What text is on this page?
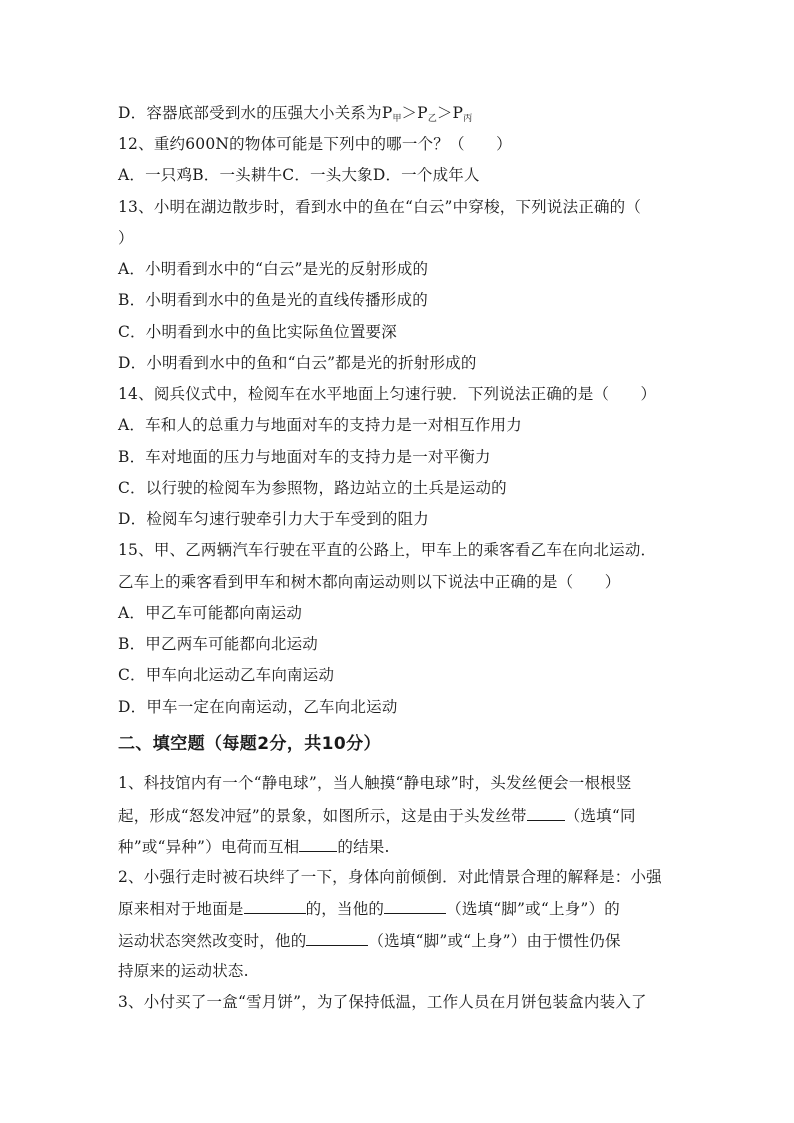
D．容器底部受到水的压强大小关系为P甲＞P乙＞P丙
12、重约600N的物体可能是下列中的哪一个？（　　）
A．一只鸡B．一头耕牛C．一头大象D．一个成年人
13、小明在湖边散步时，看到水中的鱼在“白云”中穿梭，下列说法正确的（
）
A．小明看到水中的“白云”是光的反射形成的
B．小明看到水中的鱼是光的直线传播形成的
C．小明看到水中的鱼比实际鱼位置要深
D．小明看到水中的鱼和“白云”都是光的折射形成的
14、阅兵仪式中，检阅车在水平地面上匀速行驶．下列说法正确的是（　　）
A．车和人的总重力与地面对车的支持力是一对相互作用力
B．车对地面的压力与地面对车的支持力是一对平衡力
C．以行驶的检阅车为参照物，路边站立的土兵是运动的
D．检阅车匀速行驶牵引力大于车受到的阻力
15、甲、乙两辆汽车行驶在平直的公路上，甲车上的乘客看乙车在向北运动．
乙车上的乘客看到甲车和树木都向南运动则以下说法中正确的是（　　）
A．甲乙车可能都向南运动
B．甲乙两车可能都向北运动
C．甲车向北运动乙车向南运动
D．甲车一定在向南运动，乙车向北运动
二、填空题（每题2分，共10分）
1、科技馆内有一个“静电球”，当人触摸“静电球”时，头发丝便会一根根竖
起，形成“怒发冲冠”的景象，如图所示，这是由于头发丝带 （选填“同
种”或“异种”）电荷而互相 的结果.
2、小强行走时被石块绊了一下，身体向前倾倒．对此情景合理的解释是：小强
原来相对于地面是	的，当他的	（选填“脚”或“上身”）的
运动状态突然改变时，他的	（选填“脚”或“上身”）由于惯性仍保
持原来的运动状态.
3、小付买了一盒“雪月饼”，为了保持低温，工作人员在月饼包装盒内装入了
